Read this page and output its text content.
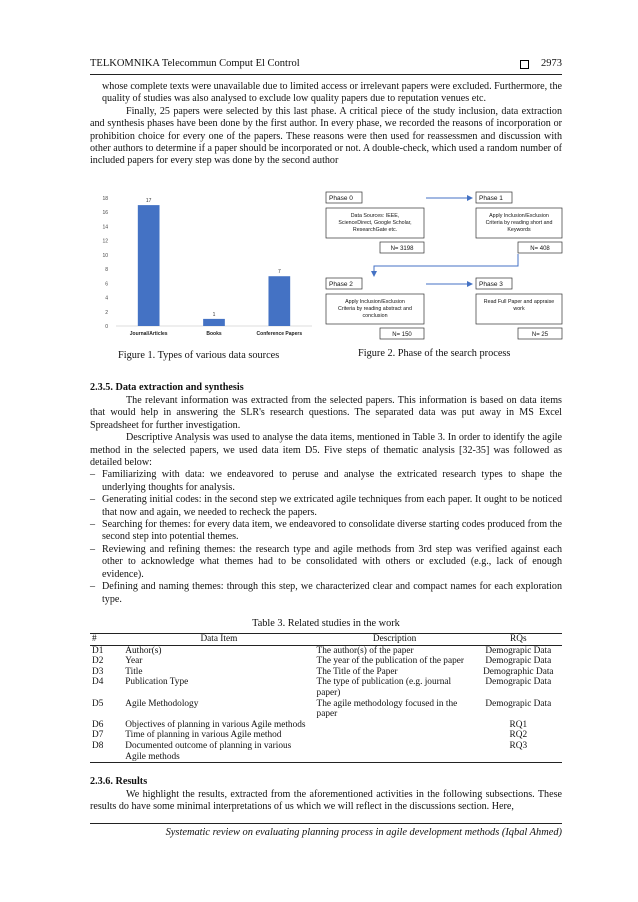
TELKOMNIKA Telecommun Comput El Control	2973
whose complete texts were unavailable due to limited access or irrelevant papers were excluded. Furthermore, the quality of studies was also analysed to exclude low quality papers due to reputation venues etc.
Finally, 25 papers were selected by this last phase. A critical piece of the study inclusion, data extraction and synthesis phases have been done by the first author. In every phase, we recorded the reasons of incorporation or prohibition choice for every one of the papers. These reasons were then used for reassessmen and discussion with other authors to determine if a paper should be incorporated or not. A double-check, which used a random number of included papers for every step was done by the second author
0
2
4
6
8
10
12
14
16
18	17
Journal/Articles
1
Books
7
Conference Papers
Phase 0
Data Sources: IEEE,
ScienceDirect, Google Scholar,
ResearchGate etc.
N= 3198
Phase 1
Apply Inclusion/Exclusion
Criteria by reading short and
Keywords
N= 408
Phase 2
Apply Inclusion/Exclusion
Criteria by reading abstract and
conclusion
N= 150
Phase 3
Read Full Paper and appraise
work
N= 25
Figure 1. Types of various data sources	Figure 2. Phase of the search process
2.3.5. Data extraction and synthesis
The relevant information was extracted from the selected papers. This information is based on data items that would help in answering the SLR's research questions. The separated data was put away in MS Excel Spreadsheet for further investigation.
Descriptive Analysis was used to analyse the data items, mentioned in Table 3. In order to identify the agile method in the selected papers, we used data item D5. Five steps of thematic analysis [32-35] was followed as detailed below:
– Familiarizing with data: we endeavored to peruse and analyse the extricated research types to shape the underlying thoughts for analysis.
– Generating initial codes: in the second step we extricated agile techniques from each paper. It ought to be noticed that now and again, we needed to recheck the papers.
– Searching for themes: for every data item, we endeavored to consolidate diverse starting codes produced from the second step into potential themes.
– Reviewing and refining themes: the research type and agile methods from 3rd step was verified against each other to acknowledge what themes had to be consolidated with others or excluded (e.g., lack of enough evidence).
– Defining and naming themes: through this step, we characterized clear and compact names for each exploration type.
Table 3. Related studies in the work
#	Data Item	Description	RQs
D1	Author(s)	The author(s) of the paper	Demograpic Data
D2	Year	The year of the publication of the paper	Demograpic Data
D3	Title	The Title of the Paper	Demographic Data
D4	Publication Type	The type of publication (e.g. journal paper)	Demograpic Data
D5	Agile Methodology	The agile methodology focused in the paper	Demograpic Data
D6	Objectives of planning in various Agile methods		RQ1
D7	Time of planning in various Agile method		RQ2
D8	Documented outcome of planning in various Agile methods		RQ3
2.3.6. Results
We highlight the results, extracted from the aforementioned activities in the following subsections. These results do have some minimal interpretations of us which we will reflect in the discussions section. Here,
Systematic review on evaluating planning process in agile development methods (Iqbal Ahmed)
